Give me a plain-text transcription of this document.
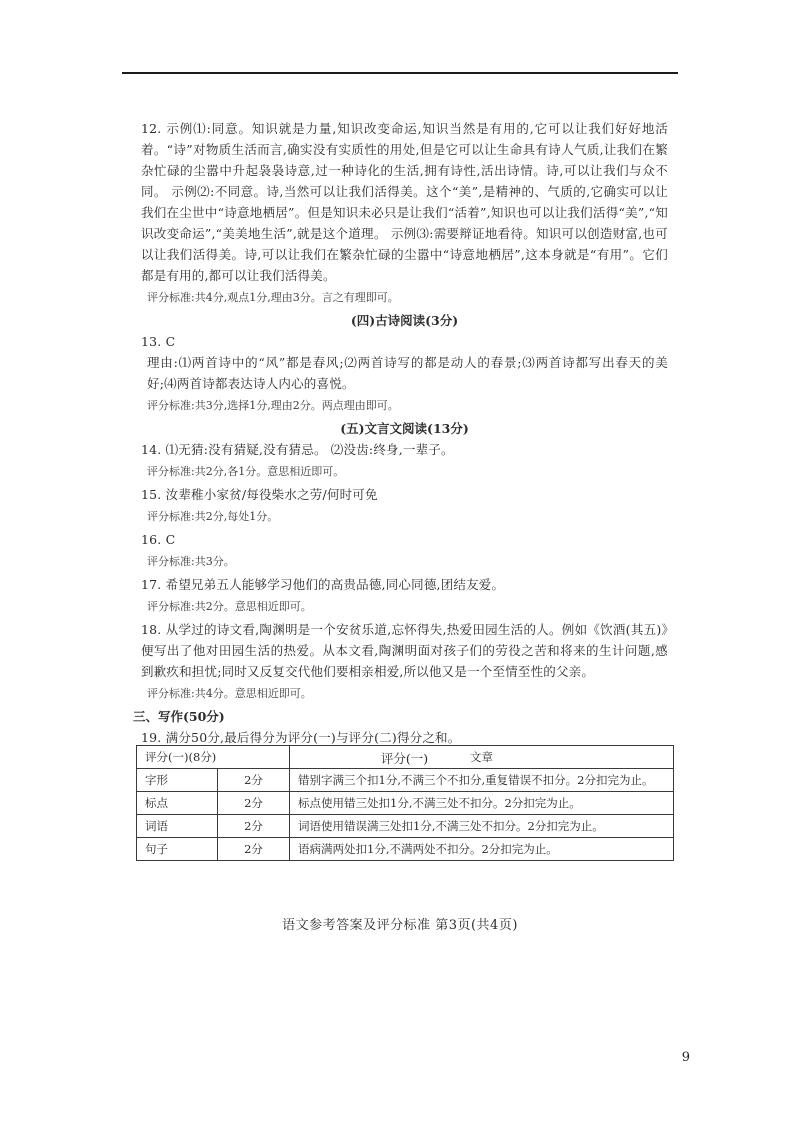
12. 示例⑴:同意。知识就是力量,知识改变命运,知识当然是有用的,它可以让我们好好地活着。“诗”对物质生活而言,确实没有实质性的用处,但是它可以让生命具有诗人气质,让我们在繁杂忙碌的尘嚣中升起袅袅诗意,过一种诗化的生活,拥有诗性,活出诗情。诗,可以让我们与众不同。 示例⑵:不同意。诗,当然可以让我们活得美。这个“美”,是精神的、气质的,它确实可以让我们在尘世中“诗意地栖居”。但是知识未必只是让我们“活着”,知识也可以让我们活得“美”,“知识改变命运”,“美美地生活”,就是这个道理。 示例⑶:需要辩证地看待。知识可以创造财富,也可以让我们活得美。诗,可以让我们在繁杂忙碌的尘嚣中“诗意地栖居”,这本身就是“有用”。它们都是有用的,都可以让我们活得美。

评分标准:共4分,观点1分,理由3分。言之有理即可。

(四)古诗阅读(3分)

13. C

理由:⑴两首诗中的“风”都是春风;⑵两首诗写的都是动人的春景;⑶两首诗都写出春天的美好;⑷两首诗都表达诗人内心的喜悦。

评分标准:共3分,选择1分,理由2分。两点理由即可。

(五)文言文阅读(13分)

14. ⑴无猜:没有猜疑,没有猜忌。 ⑵没齿:终身,一辈子。

评分标准:共2分,各1分。意思相近即可。

15. 汝辈稚小家贫/每役柴水之劳/何时可免

评分标准:共2分,每处1分。

16. C

评分标准:共3分。

17. 希望兄弟五人能够学习他们的高贵品德,同心同德,团结友爱。

评分标准:共2分。意思相近即可。

18. 从学过的诗文看,陶渊明是一个安贫乐道,忘怀得失,热爱田园生活的人。例如《饮酒(其五)》便写出了他对田园生活的热爱。从本文看,陶渊明面对孩子们的劳役之苦和将来的生计问题,感到歉疚和担忧;同时又反复交代他们要相亲相爱,所以他又是一个至情至性的父亲。

评分标准:共4分。意思相近即可。

三、写作(50分)

19. 满分50分,最后得分为评分(一)与评分(二)得分之和。

评分(一)

评分(一)(8分)		文章
字形	2分	错别字满三个扣1分,不满三个不扣分,重复错误不扣分。2分扣完为止。
标点	2分	标点使用错三处扣1分,不满三处不扣分。2分扣完为止。
词语	2分	词语使用错误满三处扣1分,不满三处不扣分。2分扣完为止。
句子	2分	语病满两处扣1分,不满两处不扣分。2分扣完为止。
语文参考答案及评分标准 第3页(共4页)
9
